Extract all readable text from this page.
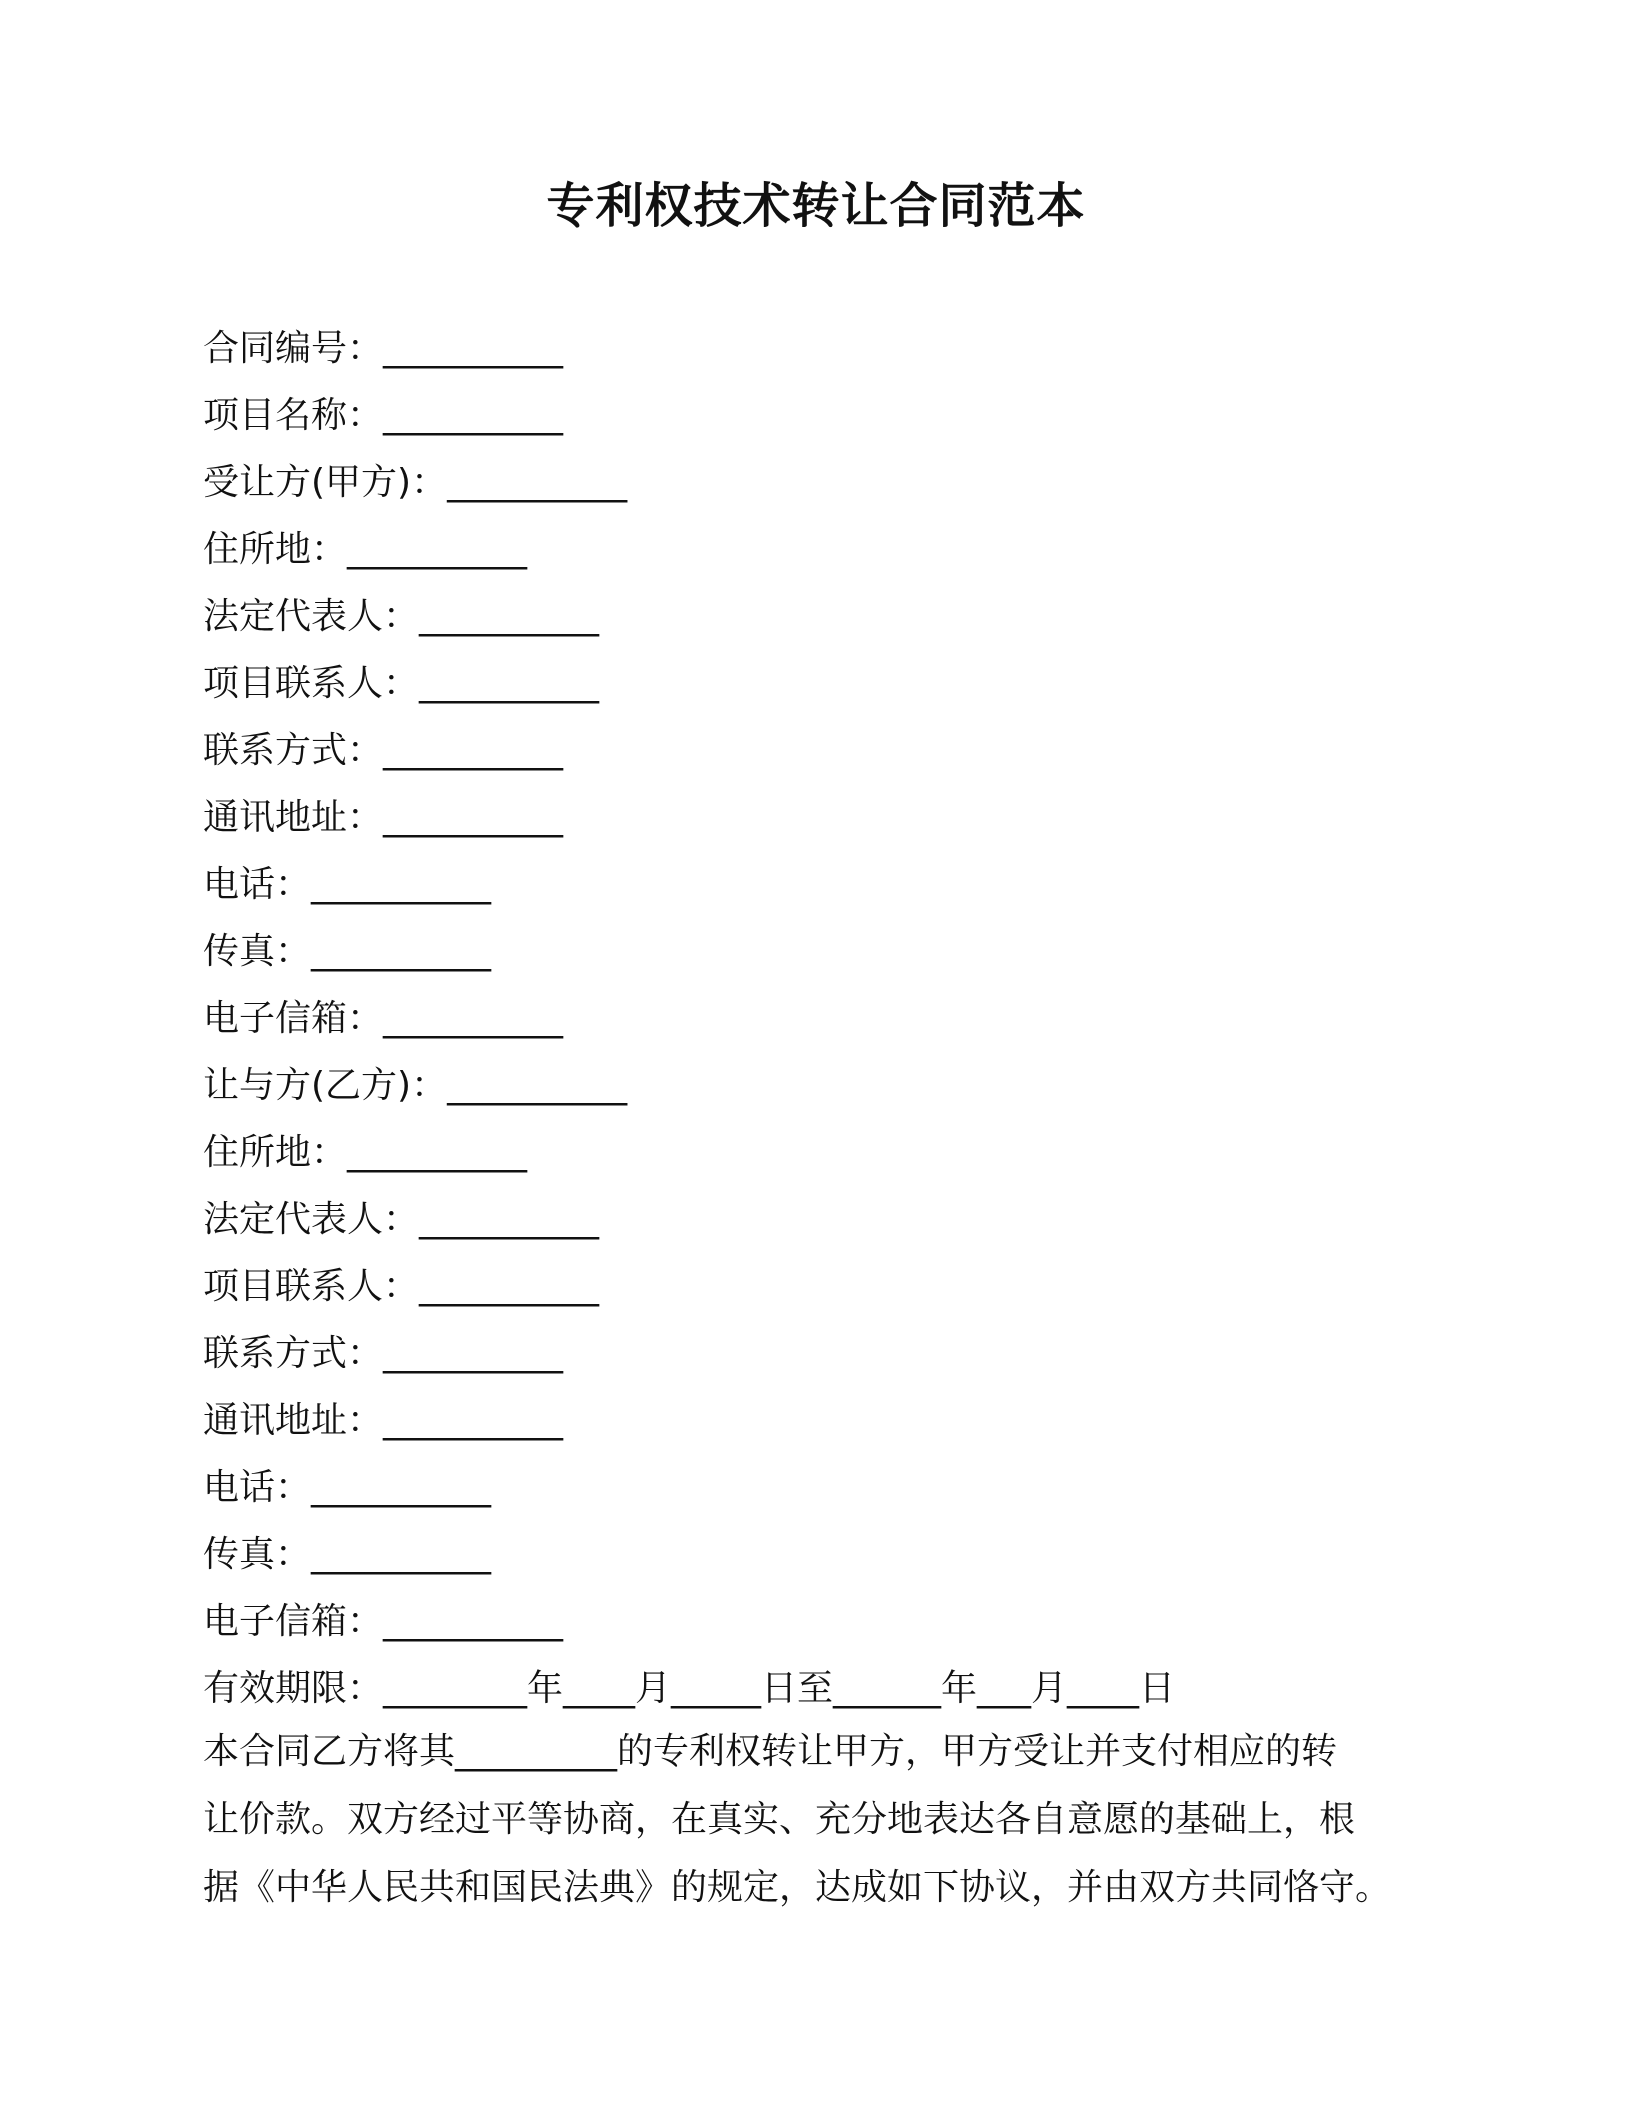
专利权技术转让合同范本
合同编号：__________
项目名称：__________
受让方(甲方)：__________
住所地：__________
法定代表人：__________
项目联系人：__________
联系方式：__________
通讯地址：__________
电话：__________
传真：__________
电子信箱：__________
让与方(乙方)：__________
住所地：__________
法定代表人：__________
项目联系人：__________
联系方式：__________
通讯地址：__________
电话：__________
传真：__________
电子信箱：__________
有效期限：________年____月_____日至______年___月____日

本合同乙方将其_________的专利权转让甲方，甲方受让并支付相应的转
让价款。双方经过平等协商，在真实、充分地表达各自意愿的基础上，根
据《中华人民共和国民法典》的规定，达成如下协议，并由双方共同恪守。
